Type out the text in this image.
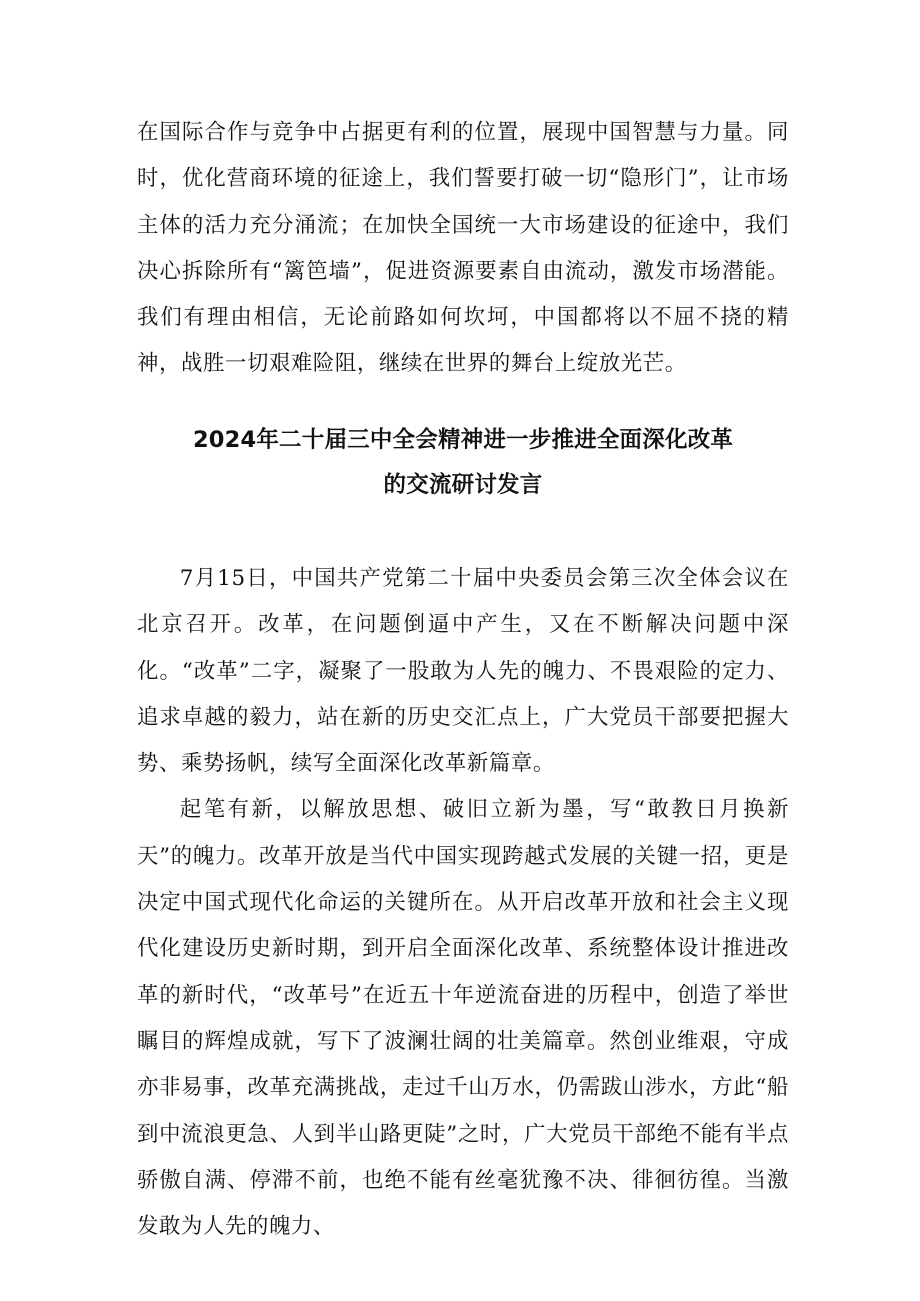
在国际合作与竞争中占据更有利的位置，展现中国智慧与力量。同时，优化营商环境的征途上，我们誓要打破一切“隐形门”，让市场主体的活力充分涌流；在加快全国统一大市场建设的征途中，我们决心拆除所有“篱笆墙”，促进资源要素自由流动，激发市场潜能。我们有理由相信，无论前路如何坎坷，中国都将以不屈不挠的精神，战胜一切艰难险阻，继续在世界的舞台上绽放光芒。

2024年二十届三中全会精神进一步推进全面深化改革
的交流研讨发言

7月15日，中国共产党第二十届中央委员会第三次全体会议在北京召开。改革，在问题倒逼中产生，又在不断解决问题中深化。“改革”二字，凝聚了一股敢为人先的魄力、不畏艰险的定力、追求卓越的毅力，站在新的历史交汇点上，广大党员干部要把握大势、乘势扬帆，续写全面深化改革新篇章。

起笔有新，以解放思想、破旧立新为墨，写“敢教日月换新天”的魄力。改革开放是当代中国实现跨越式发展的关键一招，更是决定中国式现代化命运的关键所在。从开启改革开放和社会主义现代化建设历史新时期，到开启全面深化改革、系统整体设计推进改革的新时代，“改革号”在近五十年逆流奋进的历程中，创造了举世瞩目的辉煌成就，写下了波澜壮阔的壮美篇章。然创业维艰，守成亦非易事，改革充满挑战，走过千山万水，仍需跋山涉水，方此“船到中流浪更急、人到半山路更陡”之时，广大党员干部绝不能有半点骄傲自满、停滞不前，也绝不能有丝毫犹豫不决、徘徊彷徨。当激发敢为人先的魄力、
